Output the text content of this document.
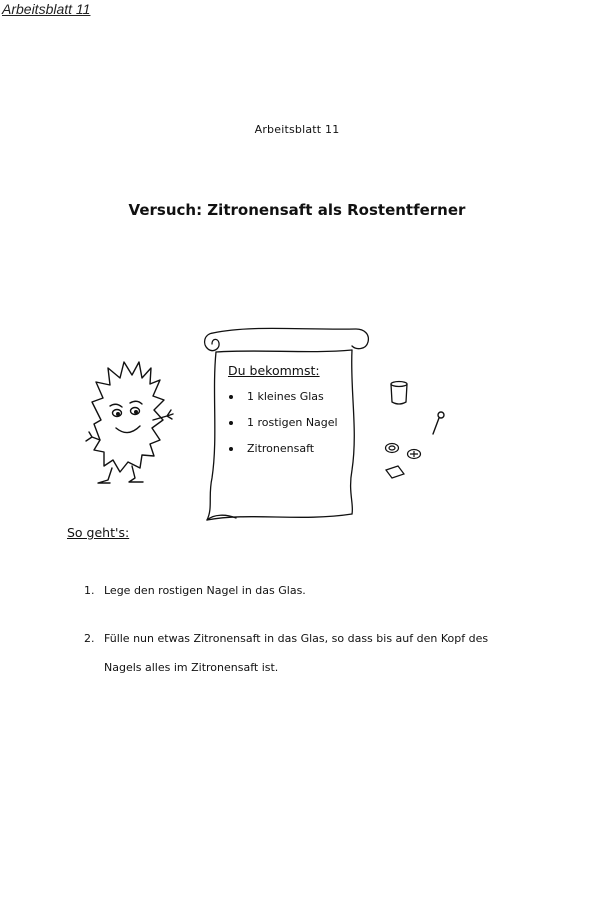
Arbeitsblatt 11
Arbeitsblatt 11
Versuch: Zitronensaft als Rostentferner
Du bekommst:
1 kleines Glas
1 rostigen Nagel
Zitronensaft
So geht's:
1. Lege den rostigen Nagel in das Glas.
2. Fülle nun etwas Zitronensaft in das Glas, so dass bis auf den Kopf des Nagels alles im Zitronensaft ist.
